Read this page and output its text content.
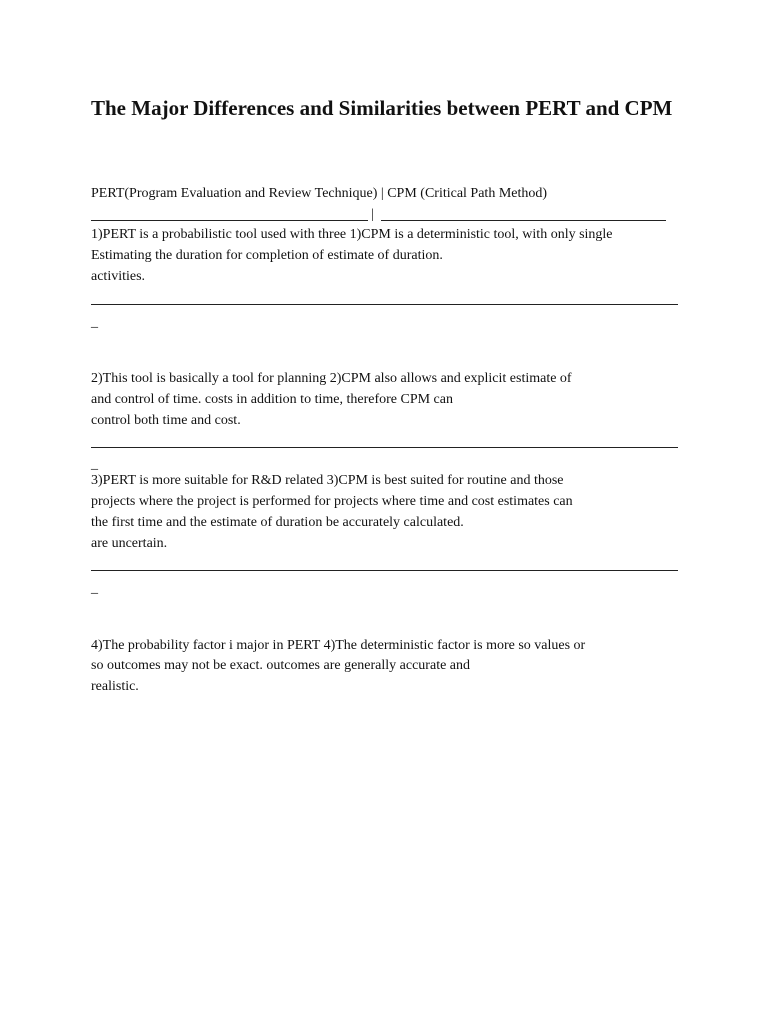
The Major Differences and Similarities between PERT and CPM
PERT(Program Evaluation and Review Technique) | CPM (Critical Path Method)
|
1)PERT is a probabilistic tool used with three 1)CPM is a deterministic tool, with only single
Estimating the duration for completion of estimate of duration.
activities.
_
2)This tool is basically a tool for planning 2)CPM also allows and explicit estimate of
and control of time. costs in addition to time, therefore CPM can
control both time and cost.
_
3)PERT is more suitable for R&D related 3)CPM is best suited for routine and those
projects where the project is performed for projects where time and cost estimates can
the first time and the estimate of duration be accurately calculated.
are uncertain.
_
4)The probability factor i major in PERT 4)The deterministic factor is more so values or
so outcomes may not be exact. outcomes are generally accurate and
realistic.
